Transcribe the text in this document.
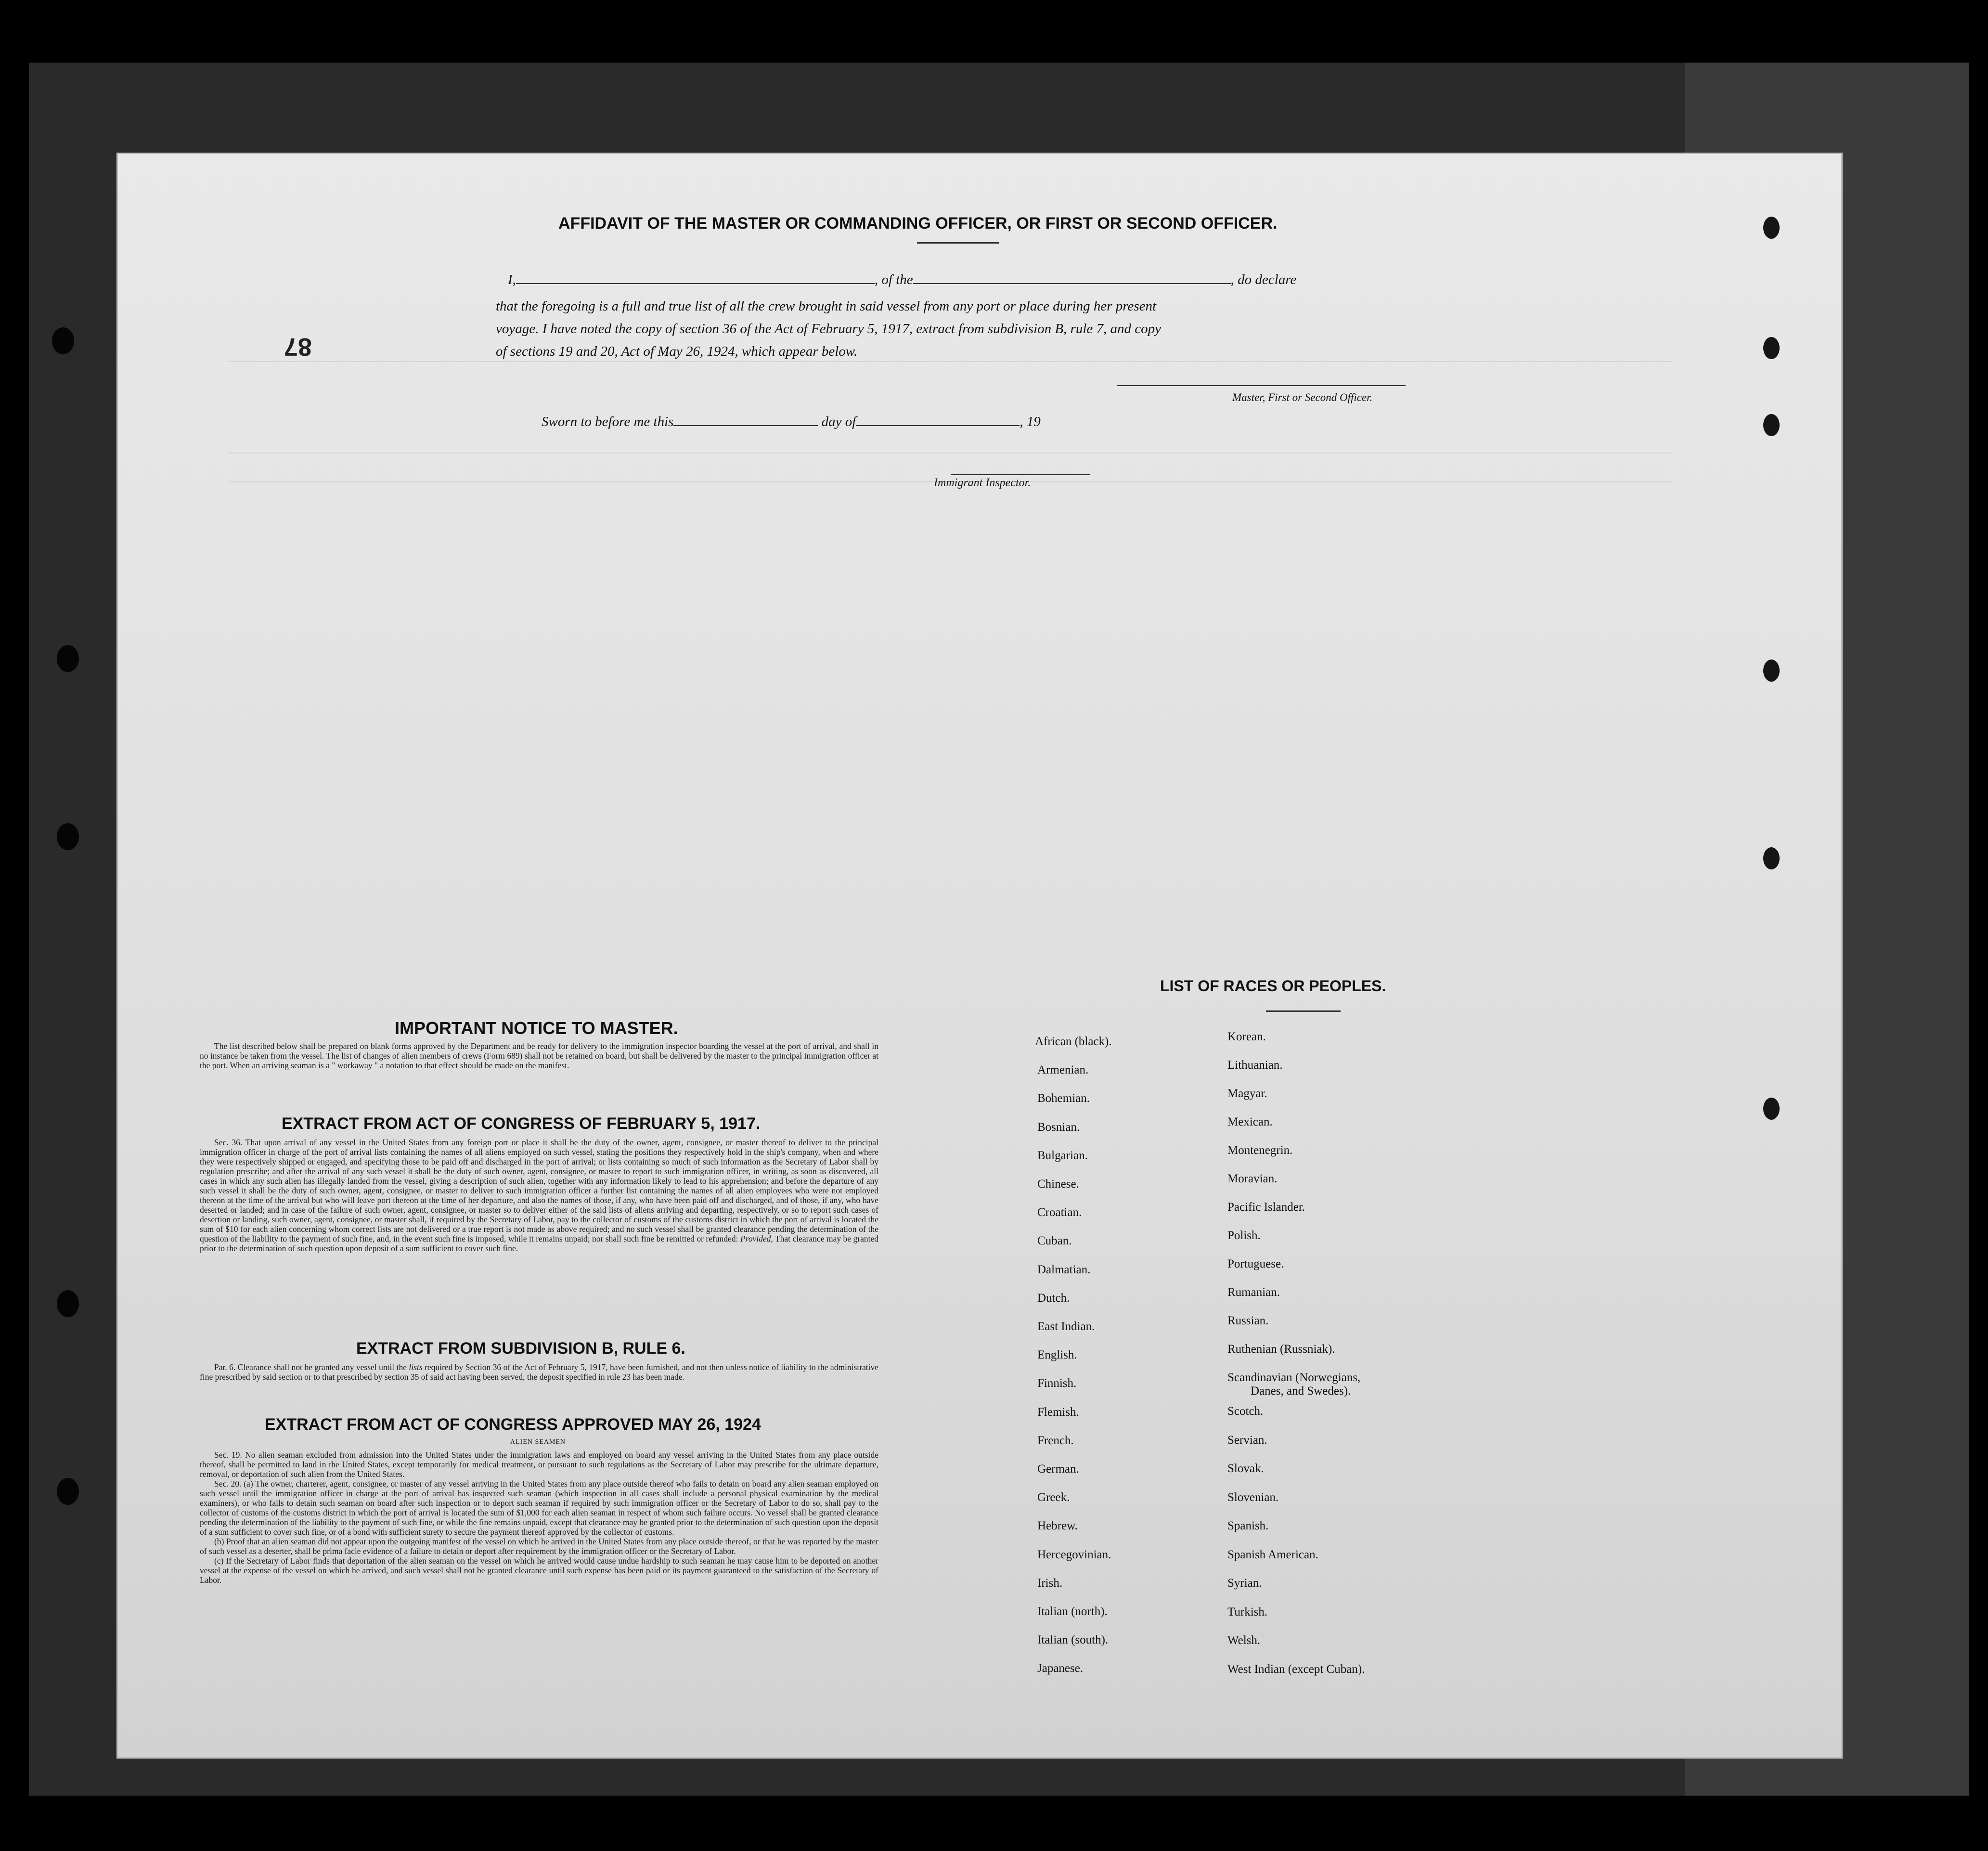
87
AFFIDAVIT OF THE MASTER OR COMMANDING OFFICER, OR FIRST OR SECOND OFFICER.
I,	, of the	, do declare
that the foregoing is a full and true list of all the crew brought in said vessel from any port or place during her present
voyage. I have noted the copy of section 36 of the Act of February 5, 1917, extract from subdivision B, rule 7, and copy
of sections 19 and 20, Act of May 26, 1924, which appear below.
Master, First or Second Officer.
Sworn to before me this	day of	, 19
Immigrant Inspector.
IMPORTANT NOTICE TO MASTER.
The list described below shall be prepared on blank forms approved by the Department and be ready for delivery to the immigration inspector boarding the vessel at the port of arrival, and shall in no instance be taken from the vessel. The list of changes of alien members of crews (Form 689) shall not be retained on board, but shall be delivered by the master to the principal immigration officer at the port. When an arriving seaman is a " workaway " a notation to that effect should be made on the manifest.
EXTRACT FROM ACT OF CONGRESS OF FEBRUARY 5, 1917.
Sec. 36. That upon arrival of any vessel in the United States from any foreign port or place it shall be the duty of the owner, agent, consignee, or master thereof to deliver to the principal immigration officer in charge of the port of arrival lists containing the names of all aliens employed on such vessel, stating the positions they respectively hold in the ship's company, when and where they were respectively shipped or engaged, and specifying those to be paid off and discharged in the port of arrival; or lists containing so much of such information as the Secretary of Labor shall by regulation prescribe; and after the arrival of any such vessel it shall be the duty of such owner, agent, consignee, or master to report to such immigration officer, in writing, as soon as discovered, all cases in which any such alien has illegally landed from the vessel, giving a description of such alien, together with any information likely to lead to his apprehension; and before the departure of any such vessel it shall be the duty of such owner, agent, consignee, or master to deliver to such immigration officer a further list containing the names of all alien employees who were not employed thereon at the time of the arrival but who will leave port thereon at the time of her departure, and also the names of those, if any, who have been paid off and discharged, and of those, if any, who have deserted or landed; and in case of the failure of such owner, agent, consignee, or master so to deliver either of the said lists of aliens arriving and departing, respectively, or so to report such cases of desertion or landing, such owner, agent, consignee, or master shall, if required by the Secretary of Labor, pay to the collector of customs of the customs district in which the port of arrival is located the sum of $10 for each alien concerning whom correct lists are not delivered or a true report is not made as above required; and no such vessel shall be granted clearance pending the determination of the question of the liability to the payment of such fine, and, in the event such fine is imposed, while it remains unpaid; nor shall such fine be remitted or refunded: Provided, That clearance may be granted prior to the determination of such question upon deposit of a sum sufficient to cover such fine.
EXTRACT FROM SUBDIVISION B, RULE 6.
Par. 6. Clearance shall not be granted any vessel until the lists required by Section 36 of the Act of February 5, 1917, have been furnished, and not then unless notice of liability to the administrative fine prescribed by said section or to that prescribed by section 35 of said act having been served, the deposit specified in rule 23 has been made.
EXTRACT FROM ACT OF CONGRESS APPROVED MAY 26, 1924
ALIEN SEAMEN

Sec. 19. No alien seaman excluded from admission into the United States under the immigration laws and employed on board any vessel arriving in the United States from any place outside thereof, shall be permitted to land in the United States, except temporarily for medical treatment, or pursuant to such regulations as the Secretary of Labor may prescribe for the ultimate departure, removal, or deportation of such alien from the United States.

Sec. 20. (a) The owner, charterer, agent, consignee, or master of any vessel arriving in the United States from any place outside thereof who fails to detain on board any alien seaman employed on such vessel until the immigration officer in charge at the port of arrival has inspected such seaman (which inspection in all cases shall include a personal physical examination by the medical examiners), or who fails to detain such seaman on board after such inspection or to deport such seaman if required by such immigration officer or the Secretary of Labor to do so, shall pay to the collector of customs of the customs district in which the port of arrival is located the sum of $1,000 for each alien seaman in respect of whom such failure occurs. No vessel shall be granted clearance pending the determination of the liability to the payment of such fine, or while the fine remains unpaid, except that clearance may be granted prior to the determination of such question upon the deposit of a sum sufficient to cover such fine, or of a bond with sufficient surety to secure the payment thereof approved by the collector of customs.

(b) Proof that an alien seaman did not appear upon the outgoing manifest of the vessel on which he arrived in the United States from any place outside thereof, or that he was reported by the master of such vessel as a deserter, shall be prima facie evidence of a failure to detain or deport after requirement by the immigration officer or the Secretary of Labor.

(c) If the Secretary of Labor finds that deportation of the alien seaman on the vessel on which he arrived would cause undue hardship to such seaman he may cause him to be deported on another vessel at the expense of the vessel on which he arrived, and such vessel shall not be granted clearance until such expense has been paid or its payment guaranteed to the satisfaction of the Secretary of Labor.

LIST OF RACES OR PEOPLES.
African (black).
Armenian.
Bohemian.
Bosnian.
Bulgarian.
Chinese.
Croatian.
Cuban.
Dalmatian.
Dutch.
East Indian.
English.
Finnish.
Flemish.
French.
German.
Greek.
Hebrew.
Hercegovinian.
Irish.
Italian (north).
Italian (south).
Japanese.
Korean.
Lithuanian.
Magyar.
Mexican.
Montenegrin.
Moravian.
Pacific Islander.
Polish.
Portuguese.
Rumanian.
Russian.
Ruthenian (Russniak).
Scandinavian (Norwegians,
Danes, and Swedes).
Scotch.
Servian.
Slovak.
Slovenian.
Spanish.
Spanish American.
Syrian.
Turkish.
Welsh.
West Indian (except Cuban).
